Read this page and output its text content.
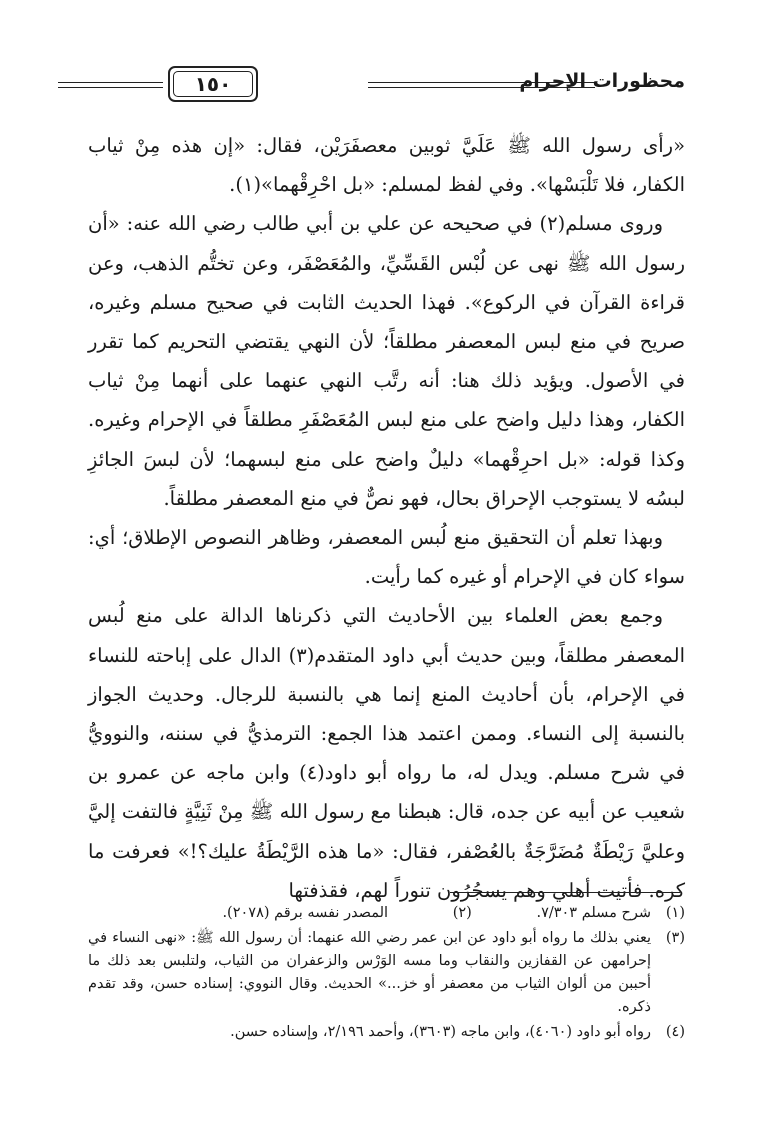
محظورات الإحرام
١٥٠

«رأى رسول الله ﷺ عَلَيَّ ثوبين معصفَرَيْن، فقال: «إن هذه مِنْ ثياب الكفار، فلا تَلْبَسْها». وفي لفظ لمسلم: «بل احْرِقْهما»(١).

وروى مسلم(٢) في صحيحه عن علي بن أبي طالب رضي الله عنه: «أن رسول الله ﷺ نهى عن لُبْس القَسِّيِّ، والمُعَصْفَر، وعن تختُّم الذهب، وعن قراءة القرآن في الركوع». فهذا الحديث الثابت في صحيح مسلم وغيره، صريح في منع لبس المعصفر مطلقاً؛ لأن النهي يقتضي التحريم كما تقرر في الأصول. ويؤيد ذلك هنا: أنه رتَّب النهي عنهما على أنهما مِنْ ثياب الكفار، وهذا دليل واضح على منع لبس المُعَصْفَرِ مطلقاً في الإحرام وغيره. وكذا قوله: «بل احرِقْهما» دليلٌ واضح على منع لبسهما؛ لأن لبسَ الجائزِ لبسُه لا يستوجب الإحراق بحال، فهو نصٌّ في منع المعصفر مطلقاً.

وبهذا تعلم أن التحقيق منع لُبس المعصفر، وظاهر النصوص الإطلاق؛ أي: سواء كان في الإحرام أو غيره كما رأيت.

وجمع بعض العلماء بين الأحاديث التي ذكرناها الدالة على منع لُبس المعصفر مطلقاً، وبين حديث أبي داود المتقدم(٣) الدال على إباحته للنساء في الإحرام، بأن أحاديث المنع إنما هي بالنسبة للرجال. وحديث الجواز بالنسبة إلى النساء. وممن اعتمد هذا الجمع: الترمذيُّ في سننه، والنوويُّ في شرح مسلم. ويدل له، ما رواه أبو داود(٤) وابن ماجه عن عمرو بن شعيب عن أبيه عن جده، قال: هبطنا مع رسول الله ﷺ مِنْ ثَنِيَّةٍ فالتفت إليَّ وعليَّ رَيْطَةٌ مُضَرَّجَةٌ بالعُصْفر، فقال: «ما هذه الرَّيْطَةُ عليك؟!» فعرفت ما كره. فأتيت أهلي وهم يسجُرُون تنوراً لهم، فقذفتها

(١)
شرح مسلم ٧/٣٠٣. (٢) المصدر نفسه برقم (٢٠٧٨).
(٣)
يعني بذلك ما رواه أبو داود عن ابن عمر رضي الله عنهما: أن رسول الله ﷺ: «نهى النساء في إحرامهن عن القفازين والنقاب وما مسه الوَرْس والزعفران من الثياب، ولتلبس بعد ذلك ما أحببن من ألوان الثياب من معصفر أو خز...» الحديث. وقال النووي: إسناده حسن، وقد تقدم ذكره.
(٤)
رواه أبو داود (٤٠٦٠)، وابن ماجه (٣٦٠٣)، وأحمد ٢/١٩٦، وإسناده حسن.
